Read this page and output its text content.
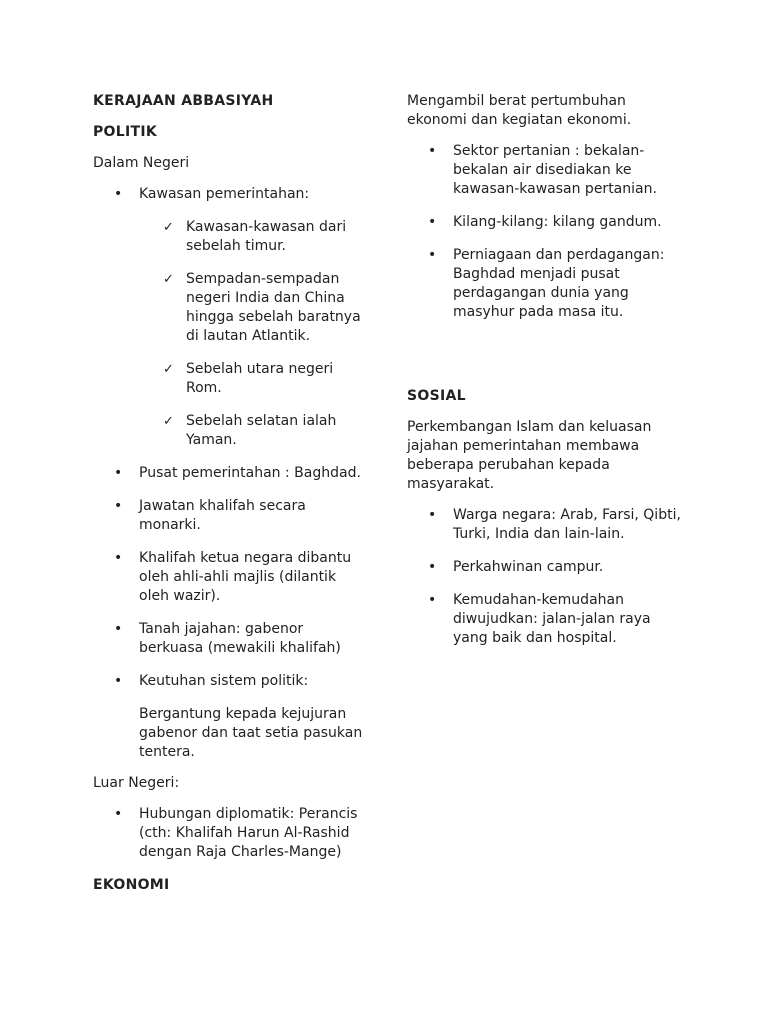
KERAJAAN ABBASIYAH
POLITIK

Dalam Negeri

• Kawasan pemerintahan:
✓ Kawasan-kawasan dari sebelah timur.
✓ Sempadan-sempadan negeri India dan China hingga sebelah baratnya di lautan Atlantik.
✓ Sebelah utara negeri Rom.
✓ Sebelah selatan ialah Yaman.
• Pusat pemerintahan : Baghdad.
• Jawatan khalifah secara monarki.
• Khalifah ketua negara dibantu oleh ahli-ahli majlis (dilantik oleh wazir).
• Tanah jajahan: gabenor berkuasa (mewakili khalifah)
• Keutuhan sistem politik:

Bergantung kepada kejujuran gabenor dan taat setia pasukan tentera.

Luar Negeri:

• Hubungan diplomatik: Perancis (cth: Khalifah Harun Al-Rashid dengan Raja Charles-Mange)
EKONOMI

Mengambil berat pertumbuhan ekonomi dan kegiatan ekonomi.

• Sektor pertanian : bekalan-bekalan air disediakan ke kawasan-kawasan pertanian.
• Kilang-kilang: kilang gandum.
• Perniagaan dan perdagangan: Baghdad menjadi pusat perdagangan dunia yang masyhur pada masa itu.
SOSIAL

Perkembangan Islam dan keluasan jajahan pemerintahan membawa beberapa perubahan kepada masyarakat.

• Warga negara: Arab, Farsi, Qibti, Turki, India dan lain-lain.
• Perkahwinan campur.
• Kemudahan-kemudahan diwujudkan: jalan-jalan raya yang baik dan hospital.
